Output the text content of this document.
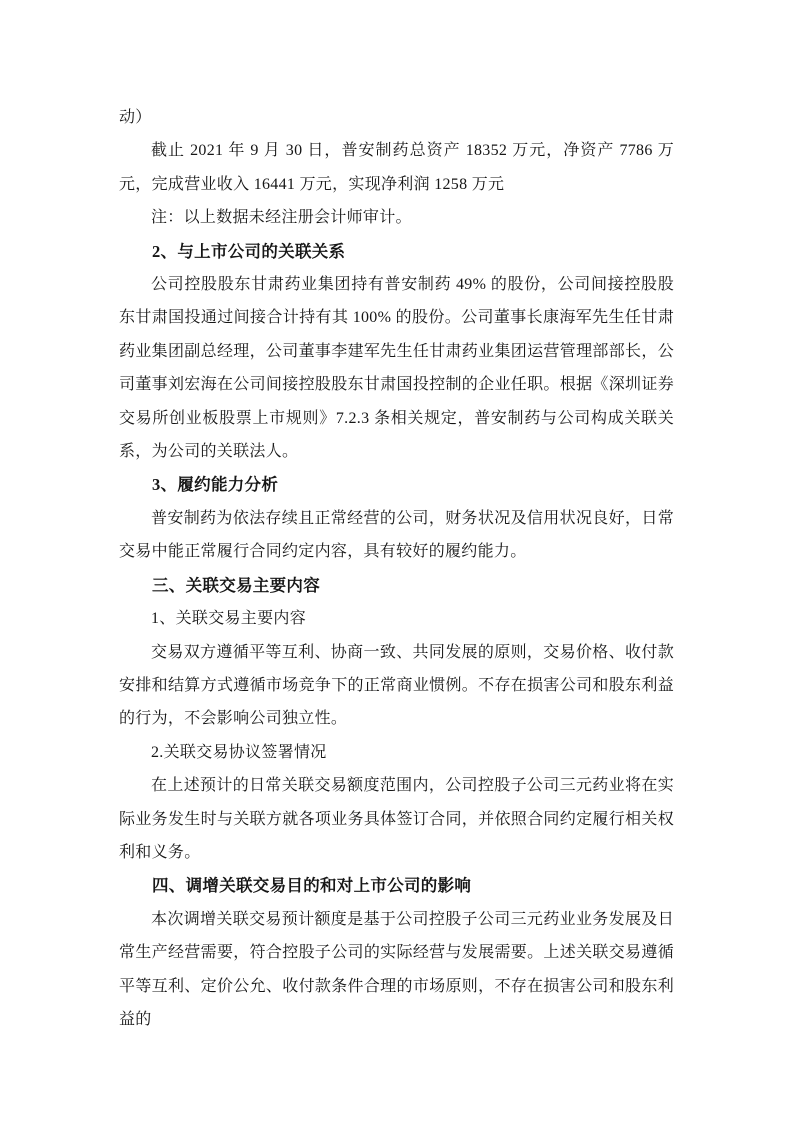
动）

截止 2021 年 9 月 30 日，普安制药总资产 18352 万元，净资产 7786 万元，完成营业收入 16441 万元，实现净利润 1258 万元

注：以上数据未经注册会计师审计。

2、与上市公司的关联关系

公司控股股东甘肃药业集团持有普安制药 49% 的股份，公司间接控股股东甘肃国投通过间接合计持有其 100% 的股份。公司董事长康海军先生任甘肃药业集团副总经理，公司董事李建军先生任甘肃药业集团运营管理部部长，公司董事刘宏海在公司间接控股股东甘肃国投控制的企业任职。根据《深圳证券交易所创业板股票上市规则》7.2.3 条相关规定，普安制药与公司构成关联关系，为公司的关联法人。

3、履约能力分析

普安制药为依法存续且正常经营的公司，财务状况及信用状况良好，日常交易中能正常履行合同约定内容，具有较好的履约能力。

三、关联交易主要内容

1、关联交易主要内容

交易双方遵循平等互利、协商一致、共同发展的原则，交易价格、收付款安排和结算方式遵循市场竞争下的正常商业惯例。不存在损害公司和股东利益的行为，不会影响公司独立性。

2.关联交易协议签署情况

在上述预计的日常关联交易额度范围内，公司控股子公司三元药业将在实际业务发生时与关联方就各项业务具体签订合同，并依照合同约定履行相关权利和义务。

四、调增关联交易目的和对上市公司的影响

本次调增关联交易预计额度是基于公司控股子公司三元药业业务发展及日常生产经营需要，符合控股子公司的实际经营与发展需要。上述关联交易遵循平等互利、定价公允、收付款条件合理的市场原则，不存在损害公司和股东利益的
